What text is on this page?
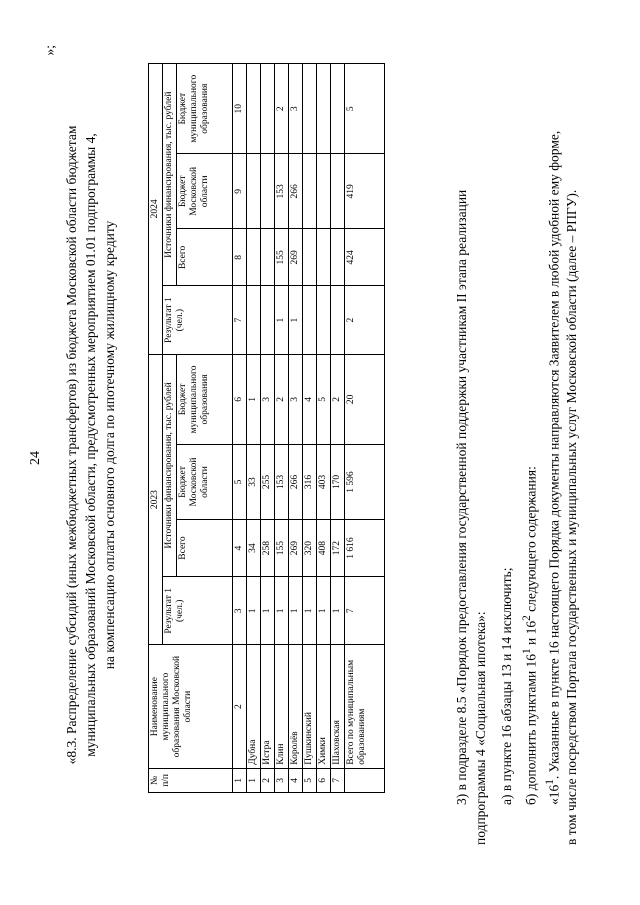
24 «8.3. Распределение субсидий (иных межбюджетных трансфертов) из бюджета Московской области бюджетам муниципальных образований Московской области, предусмотренных мероприятием 01.01 подпрограммы 4, на компенсацию оплаты основного долга по ипотечному жилищному кредиту
№ п/п	Наименование муниципального образования Московской области	2023				2024			
		Результат 1 (чел.)	Источники финансирования, тыс. рублей			Результат 1 (чел.)	Источники финансирования, тыс. рублей		
			Всего	Бюджет Московской области	Бюджет муниципального образования		Всего	Бюджет Московской области	Бюджет муниципального образования
1	2	3	4	5	6	7	8	9	10
1	Дубна	1	34	33	1				
2	Истра	1	258	255	3				
3	Клин	1	155	153	2	1	155	153	2
4	Королёв	1	269	266	3	1	269	266	3
5	Пушкинский	1	320	316	4				
6	Химки	1	408	403	5				
7	Шаховская	1	172	170	2				
	Всего по муниципальным образованиям	7	1 616	1 596	20	2	424	419	5
»;
3) в подразделе 8.5 «Порядок предоставления государственной поддержки участникам II этапа реализации подпрограммы 4 «Социальная ипотека»: а) в пункте 16 абзацы 13 и 14 исключить; б) дополнить пунктами $16^1$ и $16^2$ следующего содержания:
«$16^1$. Указанные в пункте 16 настоящего Порядка документы направляются Заявителем в любой удобной ему форме, в том числе посредством Портала государственных и муниципальных услуг Московской области (далее – РПГУ).
